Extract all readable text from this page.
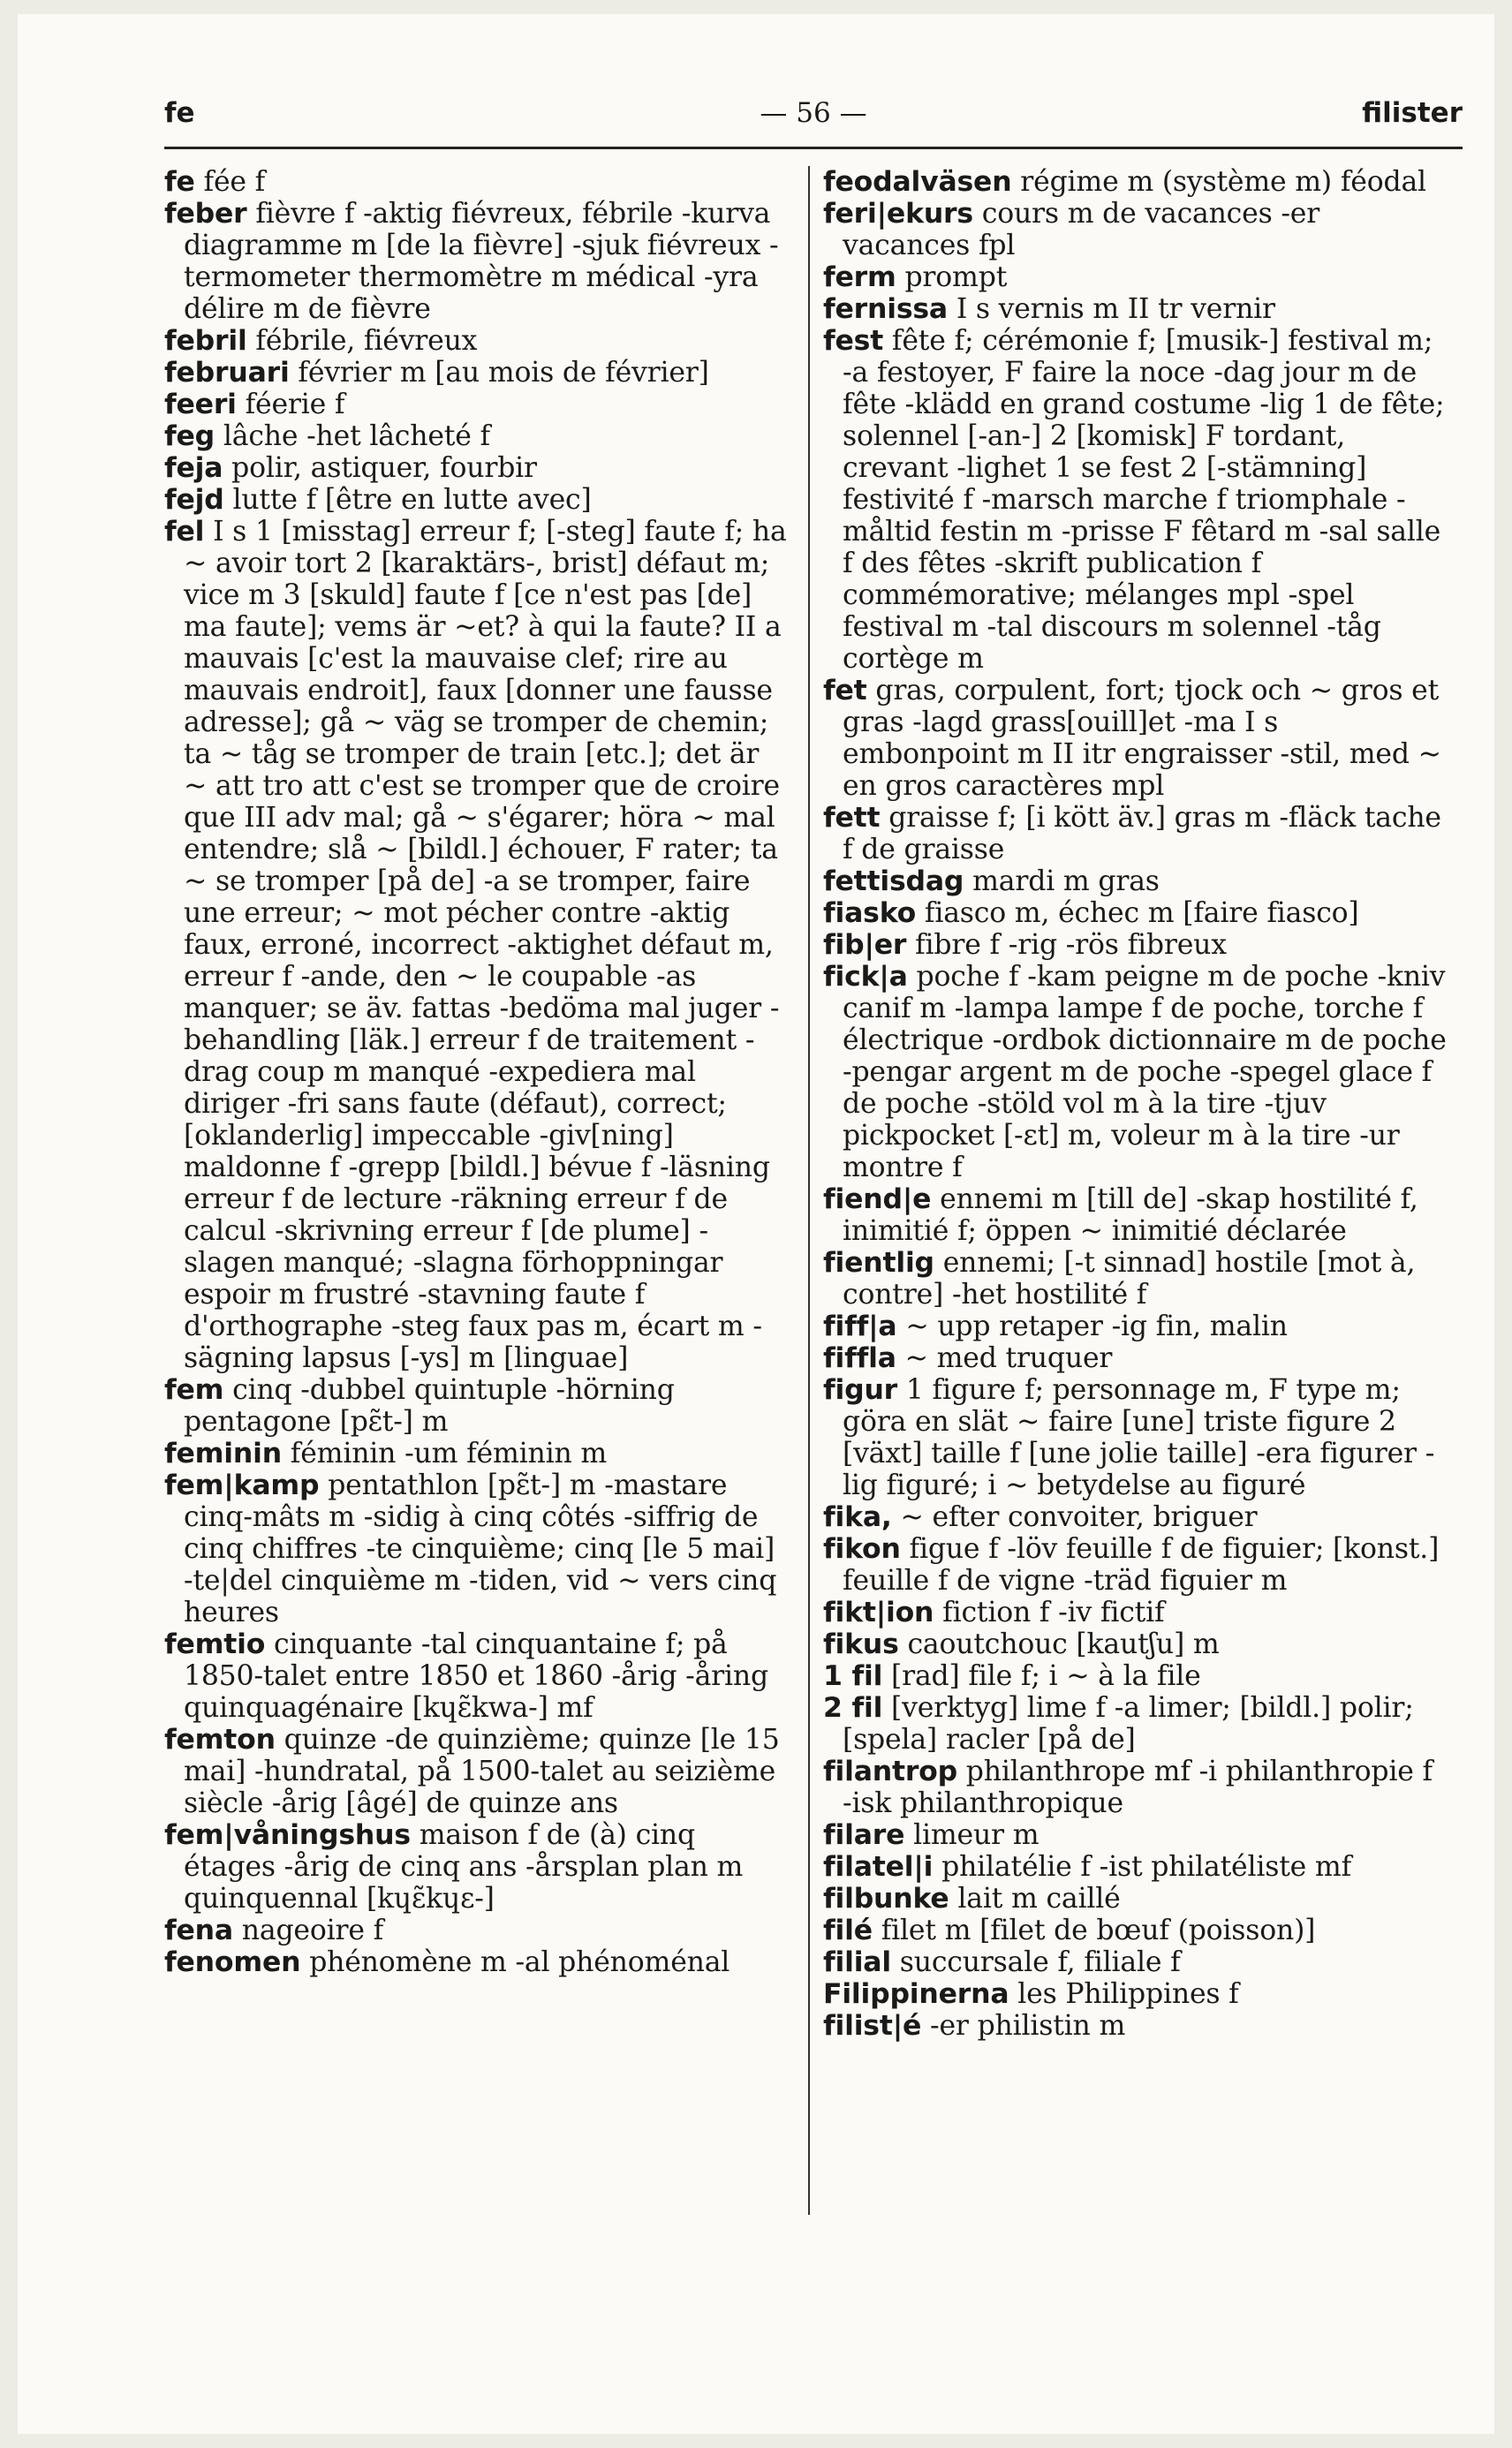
fe	— 56 —	filister

fe fée f

feber fièvre f -aktig fiévreux, fébrile -kurva diagramme m [de la fièvre] -sjuk fiévreux -termometer thermomètre m médical -yra délire m de fièvre

febril fébrile, fiévreux

februari février m [au mois de février]

feeri féerie f

feg lâche -het lâcheté f

feja polir, astiquer, fourbir

fejd lutte f [être en lutte avec]

fel I s 1 [misstag] erreur f; [-steg] faute f; ha ~ avoir tort 2 [karaktärs-, brist] défaut m; vice m 3 [skuld] faute f [ce n'est pas [de] ma faute]; vems är ~et? à qui la faute? II a mauvais [c'est la mauvaise clef; rire au mauvais endroit], faux [donner une fausse adresse]; gå ~ väg se tromper de chemin; ta ~ tåg se tromper de train [etc.]; det är ~ att tro att c'est se tromper que de croire que III adv mal; gå ~ s'égarer; höra ~ mal entendre; slå ~ [bildl.] échouer, F rater; ta ~ se tromper [på de] -a se tromper, faire une erreur; ~ mot pécher contre -aktig faux, erroné, incorrect -aktighet défaut m, erreur f -ande, den ~ le coupable -as manquer; se äv. fattas -bedöma mal juger -behandling [läk.] erreur f de traitement -drag coup m manqué -expediera mal diriger -fri sans faute (défaut), correct; [oklanderlig] impeccable -giv[ning] maldonne f -grepp [bildl.] bévue f -läsning erreur f de lecture -räkning erreur f de calcul -skrivning erreur f [de plume] -slagen manqué; -slagna förhoppningar espoir m frustré -stavning faute f d'orthographe -steg faux pas m, écart m -sägning lapsus [-ys] m [linguae]

fem cinq -dubbel quintuple -hörning pentagone [pɛ̃t-] m

feminin féminin -um féminin m

fem|kamp pentathlon [pɛ̃t-] m -mastare cinq-mâts m -sidig à cinq côtés -siffrig de cinq chiffres -te cinquième; cinq [le 5 mai] -te|del cinquième m -tiden, vid ~ vers cinq heures

femtio cinquante -tal cinquantaine f; på 1850-talet entre 1850 et 1860 -årig -åring quinquagénaire [kɥɛ̃kwa-] mf

femton quinze -de quinzième; quinze [le 15 mai] -hundratal, på 1500-talet au seizième siècle -årig [âgé] de quinze ans

fem|våningshus maison f de (à) cinq étages -årig de cinq ans -årsplan plan m quinquennal [kɥɛ̃kɥɛ-]

fena nageoire f

fenomen phénomène m -al phénoménal

feodalväsen régime m (système m) féodal

feri|ekurs cours m de vacances -er vacances fpl

ferm prompt

fernissa I s vernis m II tr vernir

fest fête f; cérémonie f; [musik-] festival m; -a festoyer, F faire la noce -dag jour m de fête -klädd en grand costume -lig 1 de fête; solennel [-an-] 2 [komisk] F tordant, crevant -lighet 1 se fest 2 [-stämning] festivité f -marsch marche f triomphale -måltid festin m -prisse F fêtard m -sal salle f des fêtes -skrift publication f commémorative; mélanges mpl -spel festival m -tal discours m solennel -tåg cortège m

fet gras, corpulent, fort; tjock och ~ gros et gras -lagd grass[ouill]et -ma I s embonpoint m II itr engraisser -stil, med ~ en gros caractères mpl

fett graisse f; [i kött äv.] gras m -fläck tache f de graisse

fettisdag mardi m gras

fiasko fiasco m, échec m [faire fiasco]

fib|er fibre f -rig -rös fibreux

fick|a poche f -kam peigne m de poche -kniv canif m -lampa lampe f de poche, torche f électrique -ordbok dictionnaire m de poche -pengar argent m de poche -spegel glace f de poche -stöld vol m à la tire -tjuv pickpocket [-ɛt] m, voleur m à la tire -ur montre f

fiend|e ennemi m [till de] -skap hostilité f, inimitié f; öppen ~ inimitié déclarée

fientlig ennemi; [-t sinnad] hostile [mot à, contre] -het hostilité f

fiff|a ~ upp retaper -ig fin, malin

fiffla ~ med truquer

figur 1 figure f; personnage m, F type m; göra en slät ~ faire [une] triste figure 2 [växt] taille f [une jolie taille] -era figurer -lig figuré; i ~ betydelse au figuré

fika, ~ efter convoiter, briguer

fikon figue f -löv feuille f de figuier; [konst.] feuille f de vigne -träd figuier m

fikt|ion fiction f -iv fictif

fikus caoutchouc [kautʃu] m

1 fil [rad] file f; i ~ à la file

2 fil [verktyg] lime f -a limer; [bildl.] polir; [spela] racler [på de]

filantrop philanthrope mf -i philanthropie f -isk philanthropique

filare limeur m

filatel|i philatélie f -ist philatéliste mf

filbunke lait m caillé

filé filet m [filet de bœuf (poisson)]

filial succursale f, filiale f

Filippinerna les Philippines f

filist|é -er philistin m
